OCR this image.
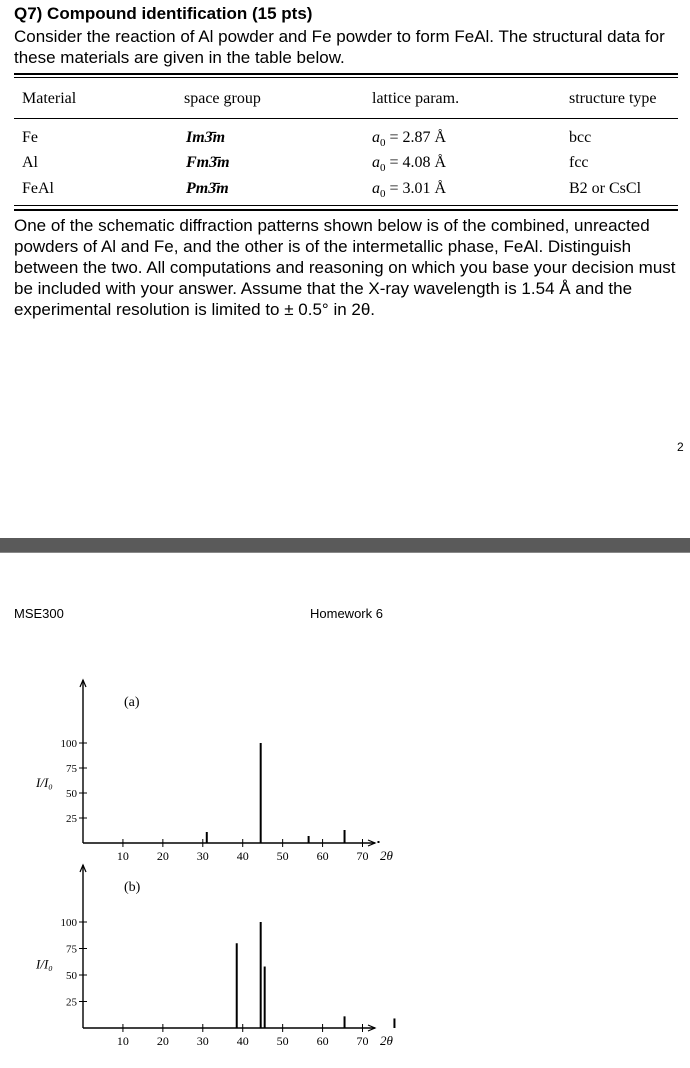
Q7) Compound identification (15 pts)
Consider the reaction of Al powder and Fe powder to form FeAl. The structural data for these materials are given in the table below.
Material	space group	lattice param.	structure type
Fe	Im3̄m	$a_0 = 2.87$ Å	bcc
Al	Fm3̄m	$a_0 = 4.08$ Å	fcc
FeAl	Pm3̄m	$a_0 = 3.01$ Å	B2 or CsCl
One of the schematic diffraction patterns shown below is of the combined, unreacted powders of Al and Fe, and the other is of the intermetallic phase, FeAl. Distinguish between the two. All computations and reasoning on which you base your decision must be included with your answer. Assume that the X-ray wavelength is 1.54 Å and the experimental resolution is limited to ± 0.5° in 2θ.
2
MSE300	Homework 6
25
50
75
100
10 20 30 40 50 60 70
I/I₀
2θ
(a)
25
50
75
100
10 20 30 40 50 60 70
I/I₀
2θ
(b)
